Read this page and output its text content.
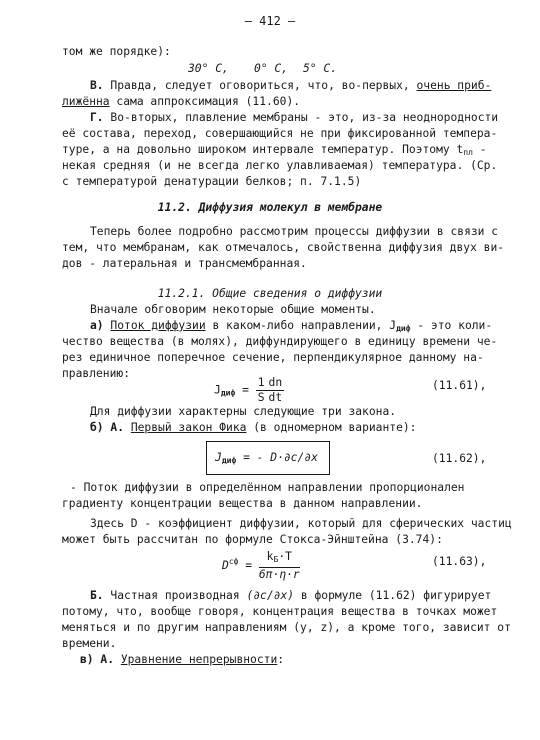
– 412 –
том же порядке):
30° C, 0° C, 5° C.
В. Правда, следует оговориться, что, во-первых, очень приб-
лижённа сама аппроксимация (11.60).
Г. Во-вторых, плавление мембраны - это, из-за неоднородности
её состава, переход, совершающийся не при фиксированной темпера-
туре, а на довольно широком интервале температур. Поэтому $t_{пл}$ -
некая средняя (и не всегда легко улавливаемая) температура. (Ср.
с температурой денатурации белков; п. 7.1.5)
11.2. Диффузия молекул в мембране
Теперь более подробно рассмотрим процессы диффузии в связи с
тем, что мембранам, как отмечалось, свойственна диффузия двух ви-
дов - латеральная и трансмембранная.
11.2.1. Общие сведения о диффузии
Вначале обговорим некоторые общие моменты.
а) Поток диффузии в каком-либо направлении, $J_{диф}$ - это коли-
чество вещества (в молях), диффундирующего в единицу времени че-
рез единичное поперечное сечение, перпендикулярное данному на-
правлению:
$J_{диф} = \frac{1}{S} \frac{dn}{dt}$	(11.61),
Для диффузии характерны следующие три закона.
б) А. Первый закон Фика (в одномерном варианте):
$J_{диф}$ = - D·∂c/∂x	(11.62),
- Поток диффузии в определённом направлении пропорционален
градиенту концентрации вещества в данном направлении.
Здесь D - коэффициент диффузии, который для сферических частиц
может быть рассчитан по формуле Стокса-Эйнштейна (3.74):
$D^{сф} = \frac{k_Б\cdot T}{6\pi\cdot\eta\cdot r}$	(11.63),
Б. Частная производная (∂c/∂x) в формуле (11.62) фигурирует
потому, что, вообще говоря, концентрация вещества в точках может
меняться и по другим направлениям (y, z), а кроме того, зависит от
времени.
в) А. Уравнение непрерывности:
